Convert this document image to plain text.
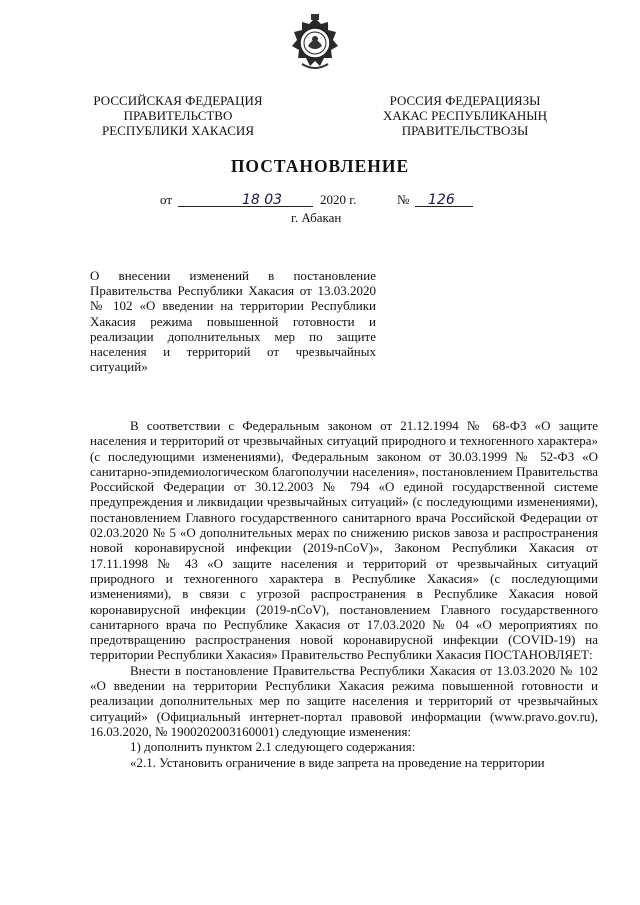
РОССИЙСКАЯ ФЕДЕРАЦИЯ
ПРАВИТЕЛЬСТВО
РЕСПУБЛИКИ ХАКАСИЯ
РОССИЯ ФЕДЕРАЦИЯЗЫ
ХАКАС РЕСПУБЛИКАНЫҢ
ПРАВИТЕЛЬСТВОЗЫ
ПОСТАНОВЛЕНИЕ
от	18 03	2020 г.	№ 126
г. Абакан
О внесении изменений в постановление Правительства Республики Хакасия от 13.03.2020 № 102 «О введении на территории Республики Хакасия режима повышенной готовности и реализации дополнительных мер по защите населения и территорий от чрезвычайных ситуаций»

В соответствии с Федеральным законом от 21.12.1994 № 68-ФЗ «О защите населения и территорий от чрезвычайных ситуаций природного и техногенного характера» (с последующими изменениями), Федеральным законом от 30.03.1999 № 52-ФЗ «О санитарно-эпидемиологическом благополучии населения», постановлением Правительства Российской Федерации от 30.12.2003 № 794 «О единой государственной системе предупреждения и ликвидации чрезвычайных ситуаций» (с последующими изменениями), постановлением Главного государственного санитарного врача Российской Федерации от 02.03.2020 № 5 «О дополнительных мерах по снижению рисков завоза и распространения новой коронавирусной инфекции (2019-nCoV)», Законом Республики Хакасия от 17.11.1998 № 43 «О защите населения и территорий от чрезвычайных ситуаций природного и техногенного характера в Республике Хакасия» (с последующими изменениями), в связи с угрозой распространения в Республике Хакасия новой коронавирусной инфекции (2019-nCoV), постановлением Главного государственного санитарного врача по Республике Хакасия от 17.03.2020 № 04 «О мероприятиях по предотвращению распространения новой коронавирусной инфекции (COVID-19) на территории Республики Хакасия» Правительство Республики Хакасия ПОСТАНОВЛЯЕТ:

Внести в постановление Правительства Республики Хакасия от 13.03.2020 № 102 «О введении на территории Республики Хакасия режима повышенной готовности и реализации дополнительных мер по защите населения и территорий от чрезвычайных ситуаций» (Официальный интернет-портал правовой информации (www.pravo.gov.ru), 16.03.2020, № 1900202003160001) следующие изменения:

1) дополнить пунктом 2.1 следующего содержания:

«2.1. Установить ограничение в виде запрета на проведение на территории
